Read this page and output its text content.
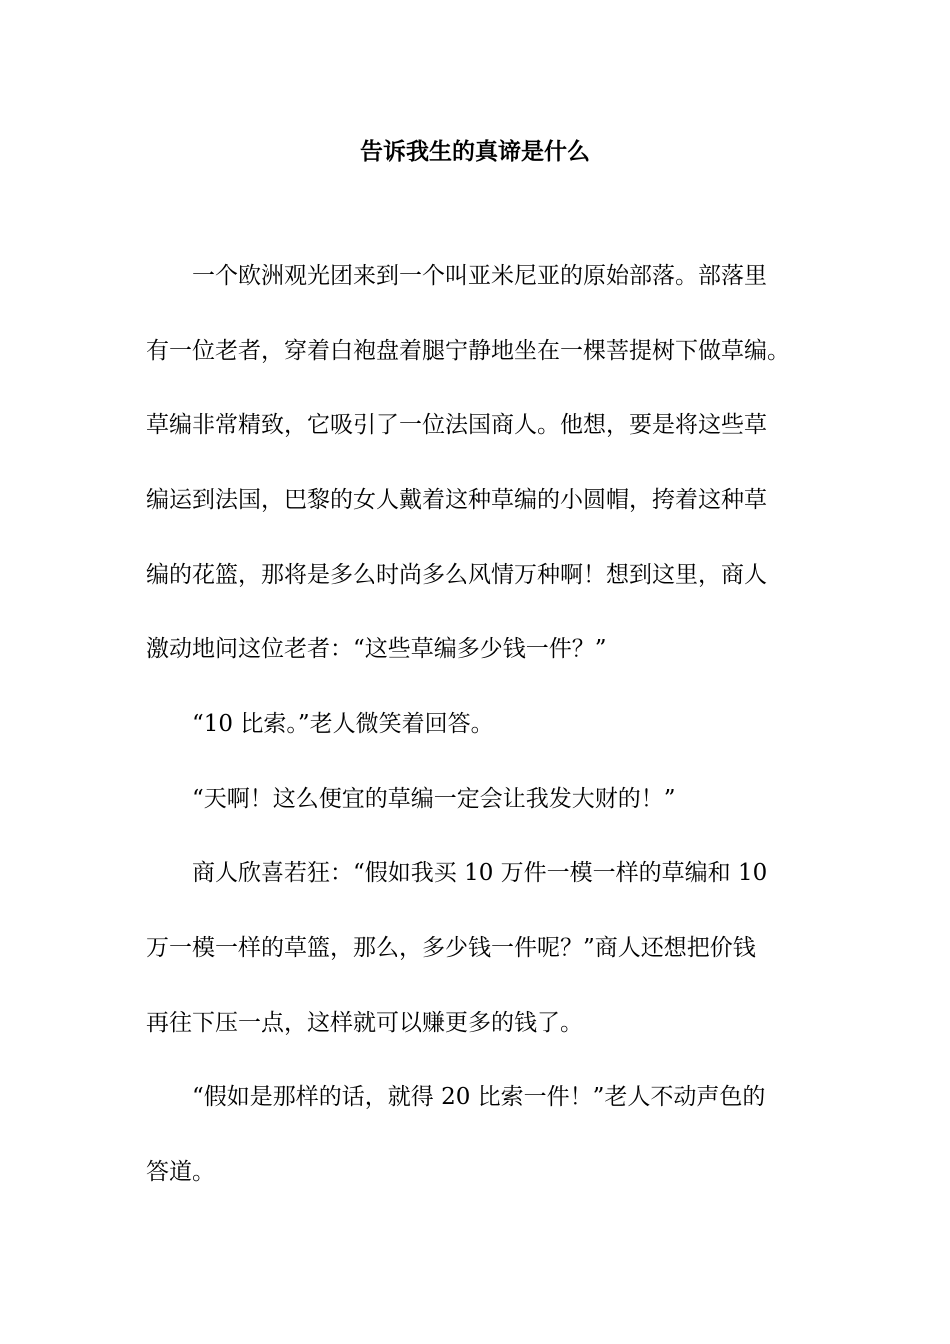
告诉我生的真谛是什么

一个欧洲观光团来到一个叫亚米尼亚的原始部落。部落里

有一位老者，穿着白袍盘着腿宁静地坐在一棵菩提树下做草编。

草编非常精致，它吸引了一位法国商人。他想，要是将这些草

编运到法国，巴黎的女人戴着这种草编的小圆帽，挎着这种草

编的花篮，那将是多么时尚多么风情万种啊！想到这里，商人

激动地问这位老者：“这些草编多少钱一件？”

“10 比索。”老人微笑着回答。

“天啊！这么便宜的草编一定会让我发大财的！”

商人欣喜若狂：“假如我买 10 万件一模一样的草编和 10

万一模一样的草篮，那么，多少钱一件呢？”商人还想把价钱

再往下压一点，这样就可以赚更多的钱了。

“假如是那样的话，就得 20 比索一件！”老人不动声色的

答道。
